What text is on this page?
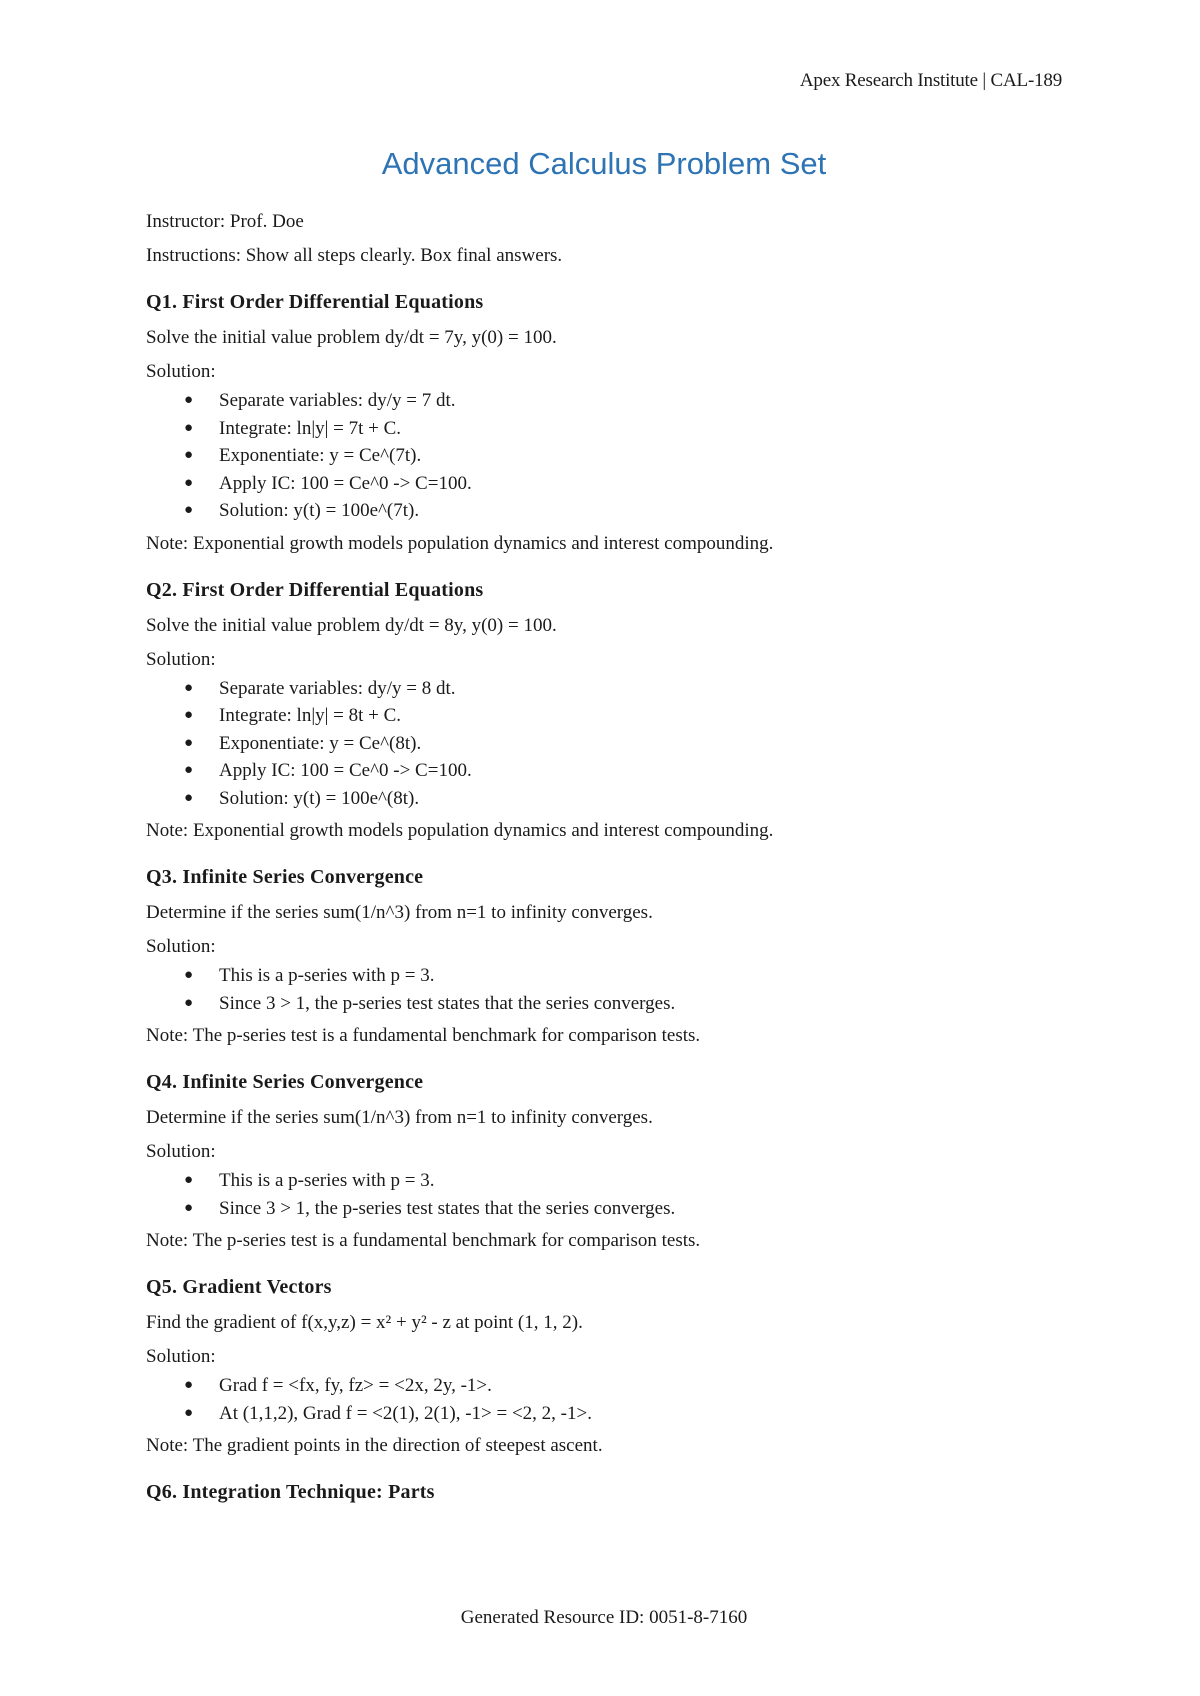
Apex Research Institute | CAL-189
Advanced Calculus Problem Set

Instructor: Prof. Doe

Instructions: Show all steps clearly. Box final answers.

Q1. First Order Differential Equations

Solve the initial value problem dy/dt = 7y, y(0) = 100.

Solution:

● Separate variables: dy/y = 7 dt.
● Integrate: ln|y| = 7t + C.
● Exponentiate: y = Ce^(7t).
● Apply IC: 100 = Ce^0 -> C=100.
● Solution: y(t) = 100e^(7t).

Note: Exponential growth models population dynamics and interest compounding.

Q2. First Order Differential Equations

Solve the initial value problem dy/dt = 8y, y(0) = 100.

Solution:

● Separate variables: dy/y = 8 dt.
● Integrate: ln|y| = 8t + C.
● Exponentiate: y = Ce^(8t).
● Apply IC: 100 = Ce^0 -> C=100.
● Solution: y(t) = 100e^(8t).

Note: Exponential growth models population dynamics and interest compounding.

Q3. Infinite Series Convergence

Determine if the series sum(1/n^3) from n=1 to infinity converges.

Solution:

● This is a p-series with p = 3.
● Since 3 > 1, the p-series test states that the series converges.

Note: The p-series test is a fundamental benchmark for comparison tests.

Q4. Infinite Series Convergence

Determine if the series sum(1/n^3) from n=1 to infinity converges.

Solution:

● This is a p-series with p = 3.
● Since 3 > 1, the p-series test states that the series converges.

Note: The p-series test is a fundamental benchmark for comparison tests.

Q5. Gradient Vectors

Find the gradient of f(x,y,z) = x² + y² - z at point (1, 1, 2).

Solution:

● Grad f = <fx, fy, fz> = <2x, 2y, -1>.
● At (1,1,2), Grad f = <2(1), 2(1), -1> = <2, 2, -1>.

Note: The gradient points in the direction of steepest ascent.

Q6. Integration Technique: Parts
Generated Resource ID: 0051-8-7160
